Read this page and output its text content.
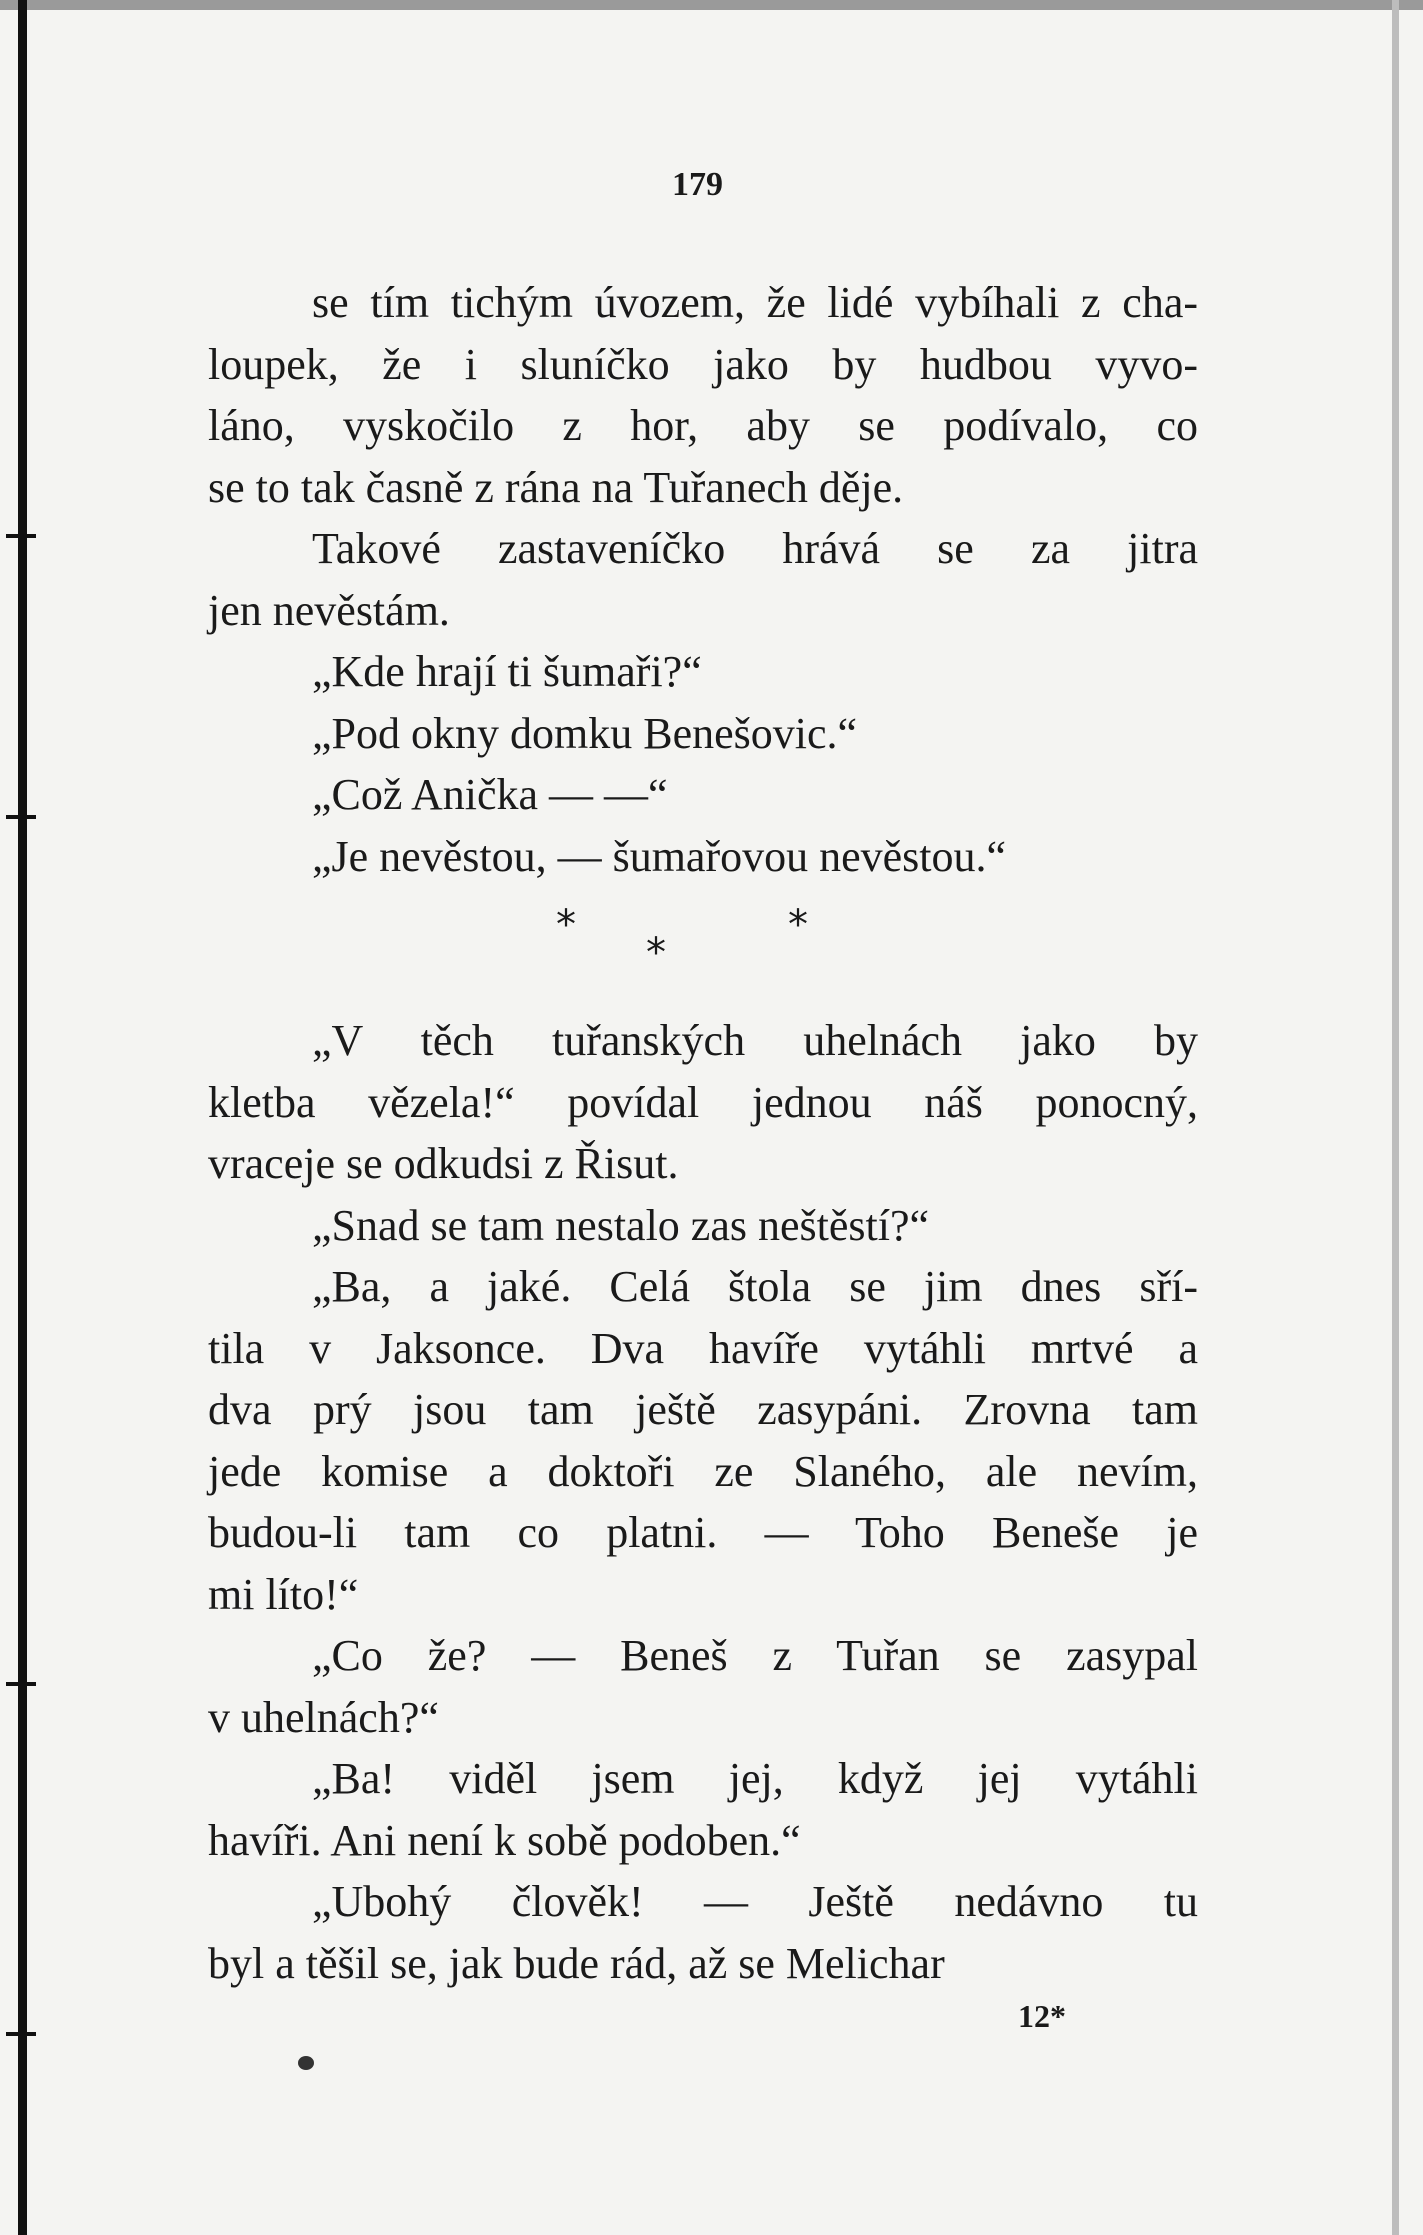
179
se tím tichým úvozem, že lidé vybíhali z cha-
loupek, že i sluníčko jako by hudbou vyvo-
láno, vyskočilo z hor, aby se podívalo, co
se to tak časně z rána na Tuřanech děje.
Takové zastaveníčko hrává se za jitra
jen nevěstám.
„Kde hrají ti šumaři?“
„Pod okny domku Benešovic.“
„Což Anička — —“
„Je nevěstou, — šumařovou nevěstou.“
*
*
*
„V těch tuřanských uhelnách jako by
kletba vězela!“ povídal jednou náš ponocný,
vraceje se odkudsi z Řisut.
„Snad se tam nestalo zas neštěstí?“
„Ba, a jaké. Celá štola se jim dnes sří-
tila v Jaksonce. Dva havíře vytáhli mrtvé a
dva prý jsou tam ještě zasypáni. Zrovna tam
jede komise a doktoři ze Slaného, ale nevím,
budou-li tam co platni. — Toho Beneše je
mi líto!“
„Co že? — Beneš z Tuřan se zasypal
v uhelnách?“
„Ba! viděl jsem jej, když jej vytáhli
havíři. Ani není k sobě podoben.“
„Ubohý člověk! — Ještě nedávno tu
byl a těšil se, jak bude rád, až se Melichar
12*
